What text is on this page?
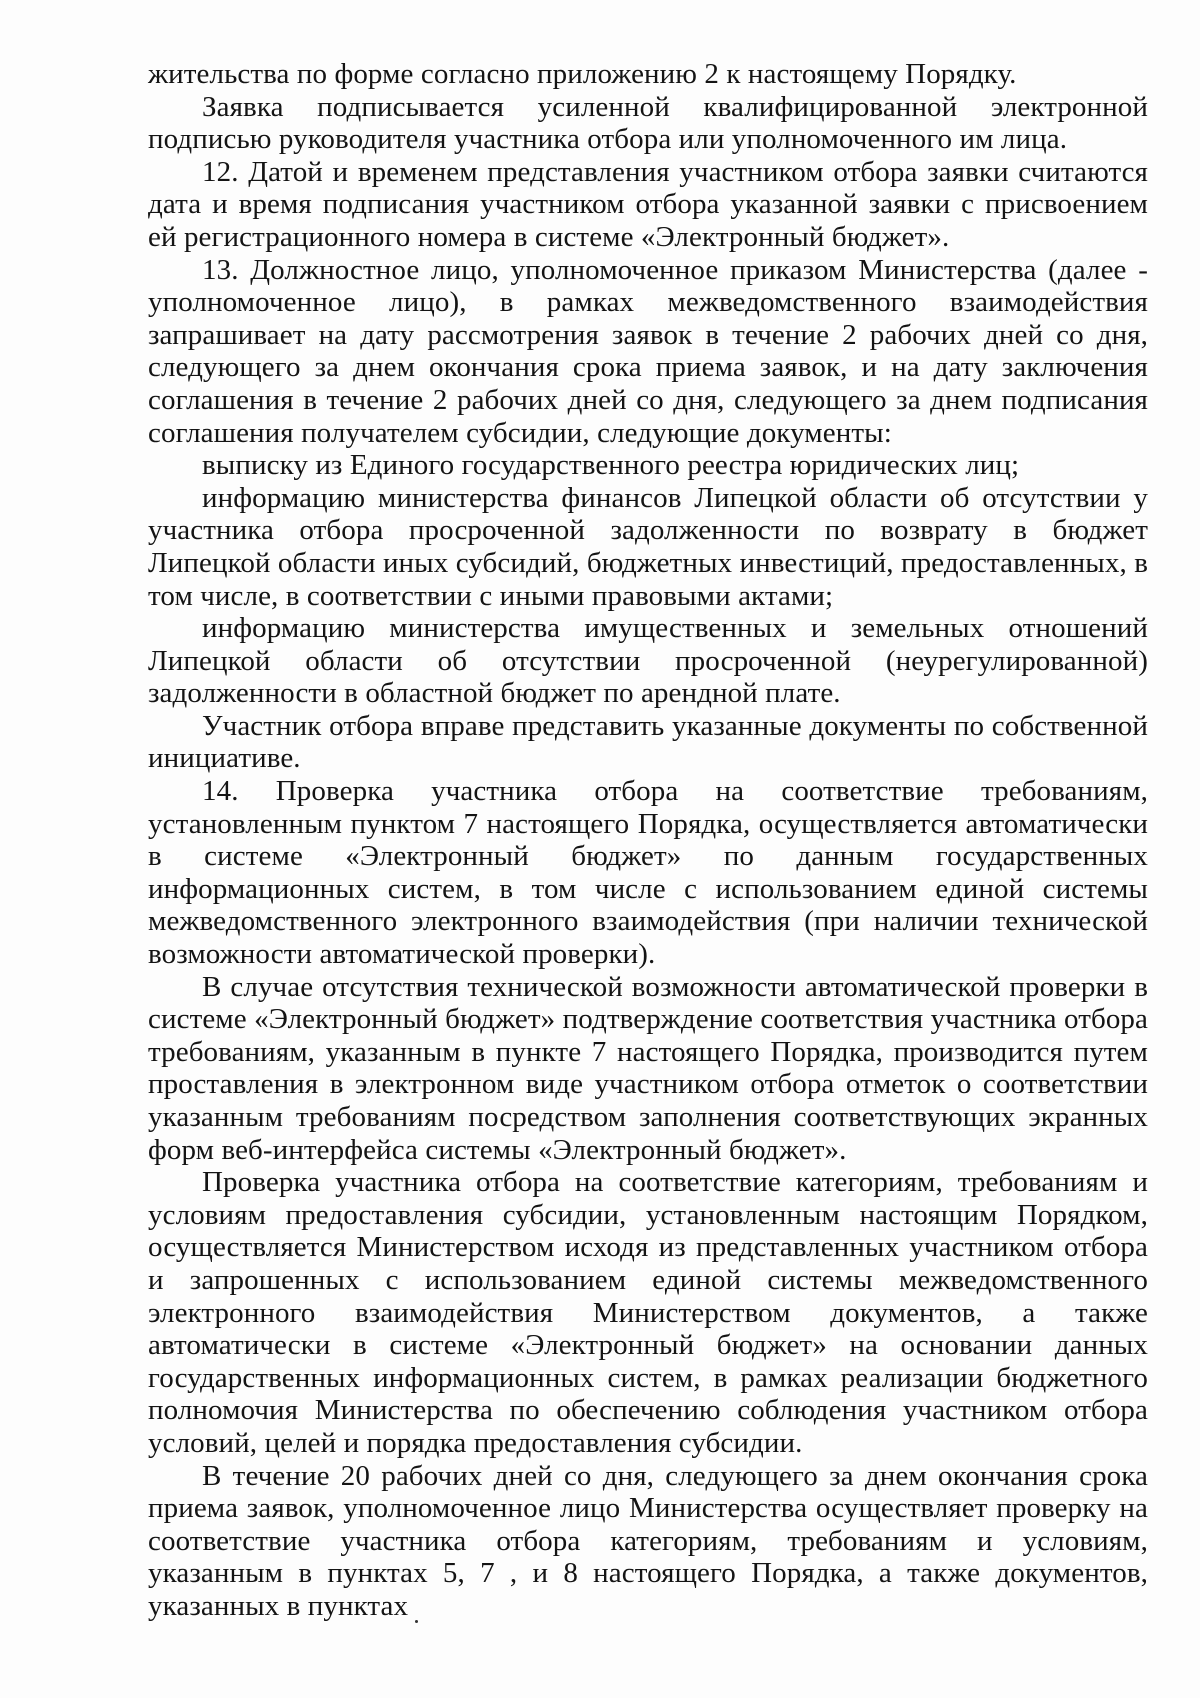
жительства по форме согласно приложению 2 к настоящему Порядку.

Заявка подписывается усиленной квалифицированной электронной подписью руководителя участника отбора или уполномоченного им лица.

12. Датой и временем представления участником отбора заявки считаются дата и время подписания участником отбора указанной заявки с присвоением ей регистрационного номера в системе «Электронный бюджет».

13. Должностное лицо, уполномоченное приказом Министерства (далее - уполномоченное лицо), в рамках межведомственного взаимодействия запрашивает на дату рассмотрения заявок в течение 2 рабочих дней со дня, следующего за днем окончания срока приема заявок, и на дату заключения соглашения в течение 2 рабочих дней со дня, следующего за днем подписания соглашения получателем субсидии, следующие документы:

выписку из Единого государственного реестра юридических лиц;

информацию министерства финансов Липецкой области об отсутствии у участника отбора просроченной задолженности по возврату в бюджет Липецкой области иных субсидий, бюджетных инвестиций, предоставленных, в том числе, в соответствии с иными правовыми актами;

информацию министерства имущественных и земельных отношений Липецкой области об отсутствии просроченной (неурегулированной) задолженности в областной бюджет по арендной плате.

Участник отбора вправе представить указанные документы по собственной инициативе.

14. Проверка участника отбора на соответствие требованиям, установленным пунктом 7 настоящего Порядка, осуществляется автоматически в системе «Электронный бюджет» по данным государственных информационных систем, в том числе с использованием единой системы межведомственного электронного взаимодействия (при наличии технической возможности автоматической проверки).

В случае отсутствия технической возможности автоматической проверки в системе «Электронный бюджет» подтверждение соответствия участника отбора требованиям, указанным в пункте 7 настоящего Порядка, производится путем проставления в электронном виде участником отбора отметок о соответствии указанным требованиям посредством заполнения соответствующих экранных форм веб-интерфейса системы «Электронный бюджет».

Проверка участника отбора на соответствие категориям, требованиям и условиям предоставления субсидии, установленным настоящим Порядком, осуществляется Министерством исходя из представленных участником отбора и запрошенных с использованием единой системы межведомственного электронного взаимодействия Министерством документов, а также автоматически в системе «Электронный бюджет» на основании данных государственных информационных систем, в рамках реализации бюджетного полномочия Министерства по обеспечению соблюдения участником отбора условий, целей и порядка предоставления субсидии.

В течение 20 рабочих дней со дня, следующего за днем окончания срока приема заявок, уполномоченное лицо Министерства осуществляет проверку на соответствие участника отбора категориям, требованиям и условиям, указанным в пунктах 5, 7 , и 8 настоящего Порядка, а также документов, указанных в пунктах
